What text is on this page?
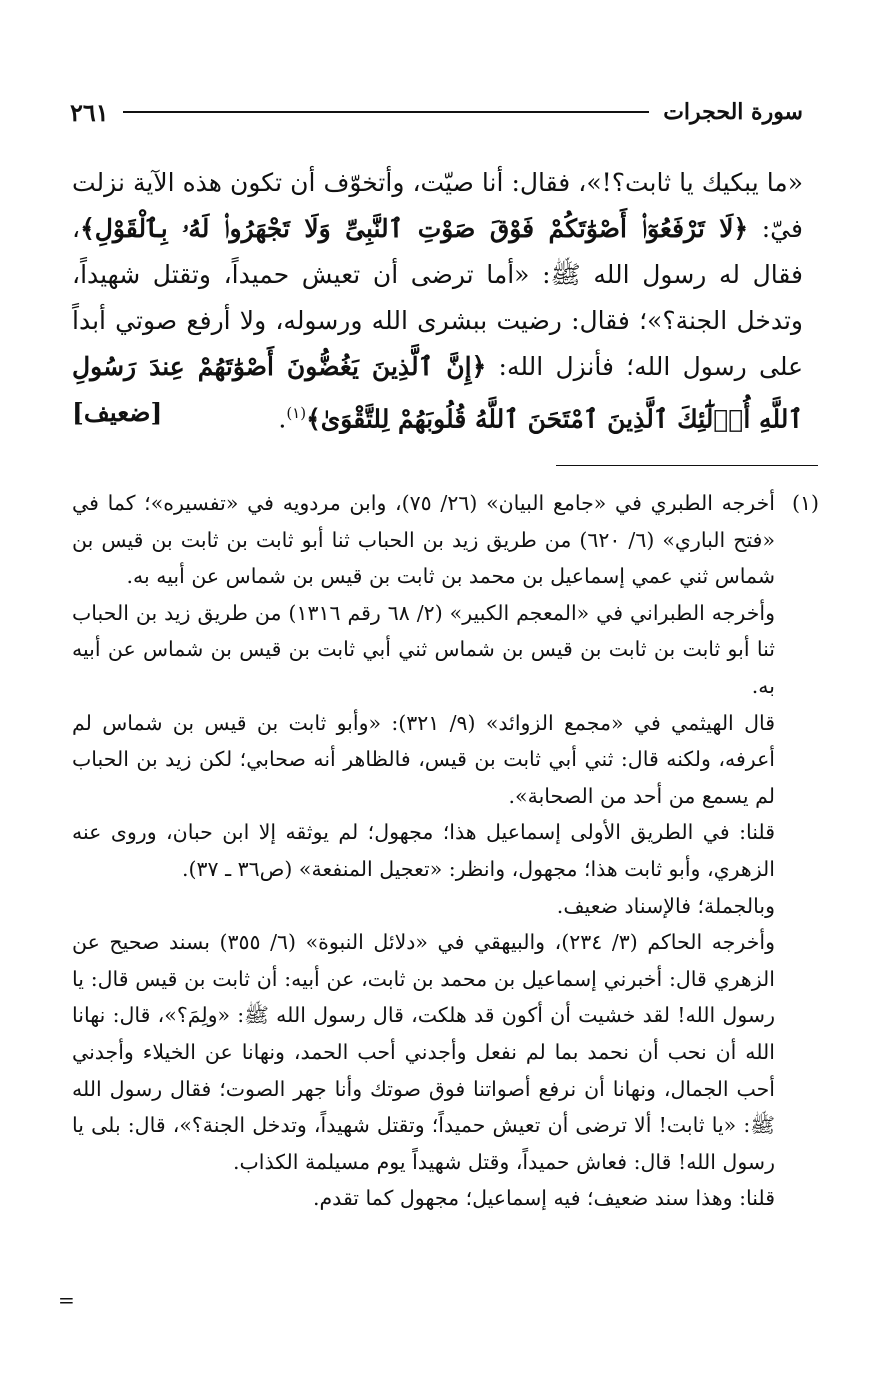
سورة الحجرات
٢٦١

«ما يبكيك يا ثابت؟!»، فقال: أنا صيّت، وأتخوّف أن تكون هذه الآية نزلت فيّ: ﴿لَا تَرْفَعُوٓا۟ أَصْوَٰتَكُمْ فَوْقَ صَوْتِ ٱلنَّبِىِّ وَلَا تَجْهَرُوا۟ لَهُۥ بِٱلْقَوْلِ﴾، فقال له رسول الله ﷺ: «أما ترضى أن تعيش حميداً، وتقتل شهيداً، وتدخل الجنة؟»؛ فقال: رضيت ببشرى الله ورسوله، ولا أرفع صوتي أبداً على رسول الله؛ فأنزل الله: ﴿إِنَّ ٱلَّذِينَ يَغُضُّونَ أَصْوَٰتَهُمْ عِندَ رَسُولِ ٱللَّهِ أُو۟لَٰٓئِكَ ٱلَّذِينَ ٱمْتَحَنَ ٱللَّهُ قُلُوبَهُمْ لِلتَّقْوَىٰ﴾$^{(١)}$.
[ضعيف]

(١)

أخرجه الطبري في «جامع البيان» (٢٦/ ٧٥)، وابن مردويه في «تفسيره»؛ كما في «فتح الباري» (٦/ ٦٢٠) من طريق زيد بن الحباب ثنا أبو ثابت بن ثابت بن قيس بن شماس ثني عمي إسماعيل بن محمد بن ثابت بن قيس بن شماس عن أبيه به.

وأخرجه الطبراني في «المعجم الكبير» (٢/ ٦٨ رقم ١٣١٦) من طريق زيد بن الحباب ثنا أبو ثابت بن ثابت بن قيس بن شماس ثني أبي ثابت بن قيس بن شماس عن أبيه به.

قال الهيثمي في «مجمع الزوائد» (٩/ ٣٢١): «وأبو ثابت بن قيس بن شماس لم أعرفه، ولكنه قال: ثني أبي ثابت بن قيس، فالظاهر أنه صحابي؛ لكن زيد بن الحباب لم يسمع من أحد من الصحابة».

قلنا: في الطريق الأولى إسماعيل هذا؛ مجهول؛ لم يوثقه إلا ابن حبان، وروى عنه الزهري، وأبو ثابت هذا؛ مجهول، وانظر: «تعجيل المنفعة» (ص٣٦ ـ ٣٧).

وبالجملة؛ فالإسناد ضعيف.

وأخرجه الحاكم (٣/ ٢٣٤)، والبيهقي في «دلائل النبوة» (٦/ ٣٥٥) بسند صحيح عن الزهري قال: أخبرني إسماعيل بن محمد بن ثابت، عن أبيه: أن ثابت بن قيس قال: يا رسول الله! لقد خشيت أن أكون قد هلكت، قال رسول الله ﷺ: «ولِمَ؟»، قال: نهانا الله أن نحب أن نحمد بما لم نفعل وأجدني أحب الحمد، ونهانا عن الخيلاء وأجدني أحب الجمال، ونهانا أن نرفع أصواتنا فوق صوتك وأنا جهر الصوت؛ فقال رسول الله ﷺ: «يا ثابت! ألا ترضى أن تعيش حميداً؛ وتقتل شهيداً، وتدخل الجنة؟»، قال: بلى يا رسول الله! قال: فعاش حميداً، وقتل شهيداً يوم مسيلمة الكذاب.

قلنا: وهذا سند ضعيف؛ فيه إسماعيل؛ مجهول كما تقدم.

=
